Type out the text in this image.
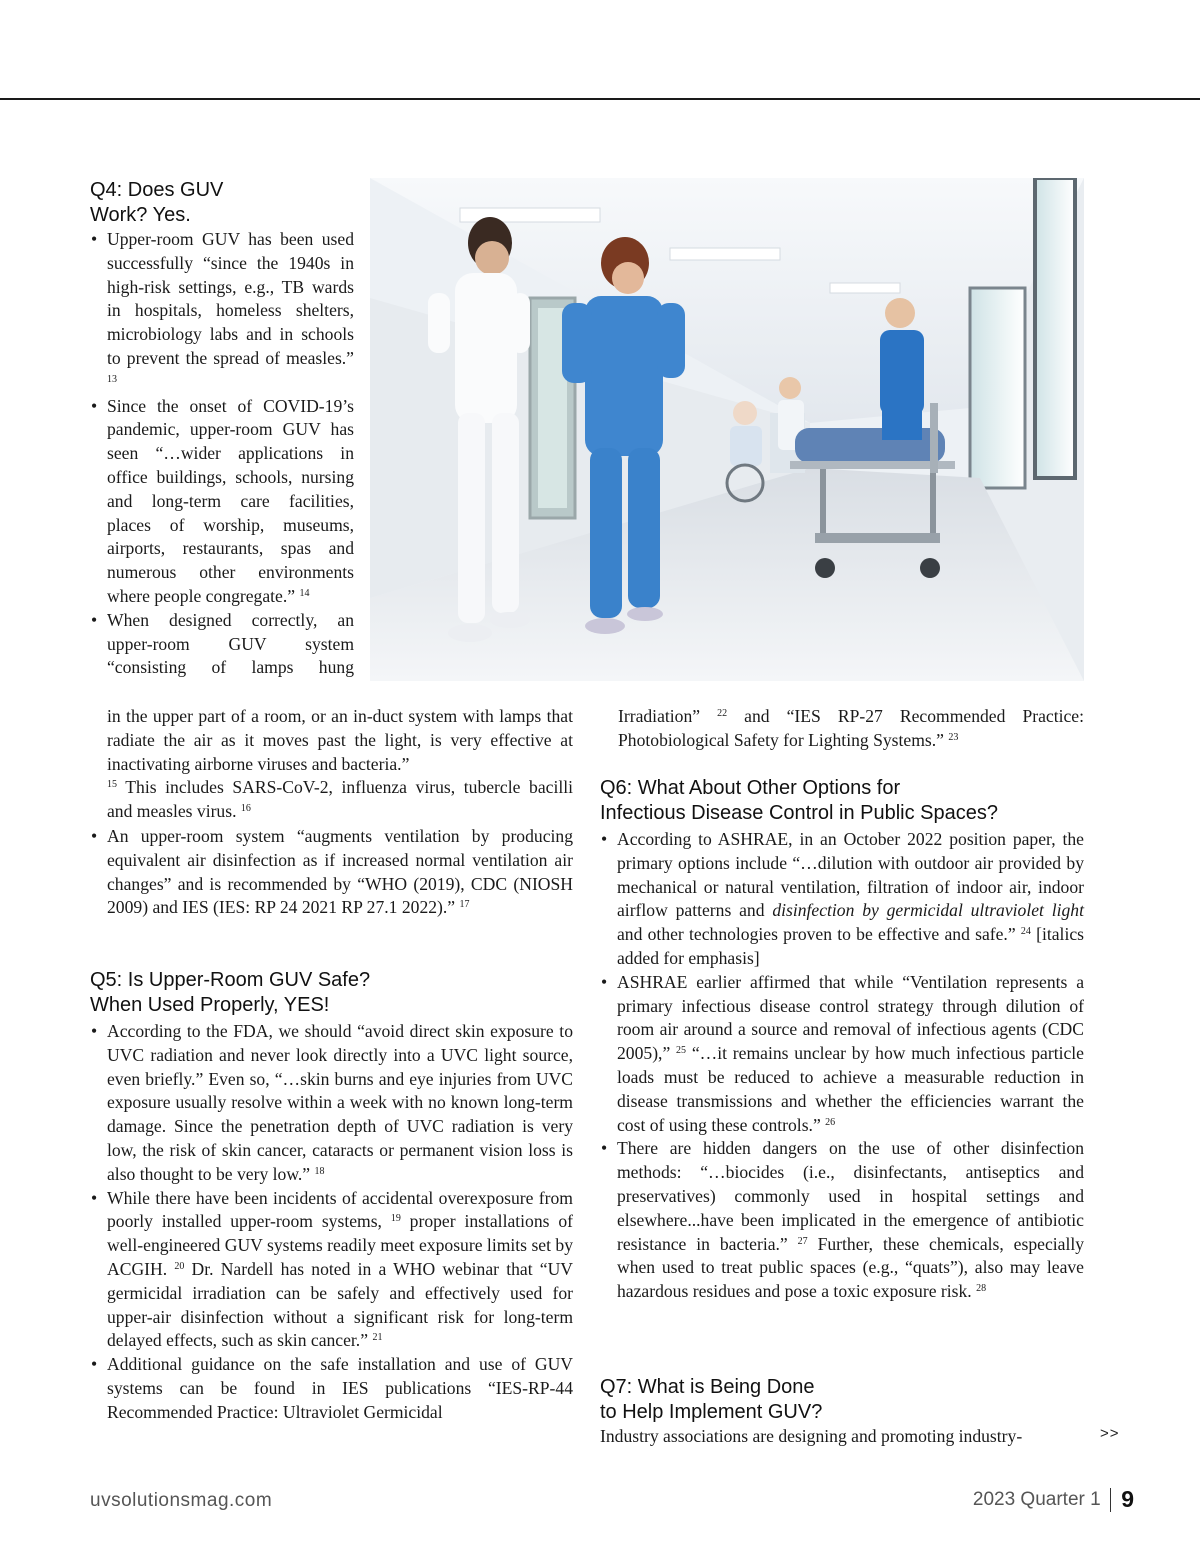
Q4: Does GUV
Work? Yes.
• Upper-room GUV has been used successfully “since the 1940s in high-risk settings, e.g., TB wards in hospitals, homeless shelters, microbiology labs and in schools to prevent the spread of measles.” $^{13}$
• Since the onset of COVID-19’s pandemic, upper-room GUV has seen “…wider applications in office buildings, schools, nursing and long-term care facilities, places of worship, museums, airports, restaurants, spas and numerous other environments where people congregate.” $^{14}$
• When designed correctly, an upper-room GUV system “consisting of lamps hung

in the upper part of a room, or an in-duct system with lamps that radiate the air as it moves past the light, is very effective at inactivating airborne viruses and bacteria.”
$^{15}$ This includes SARS-CoV-2, influenza virus, tubercle bacilli and measles virus. $^{16}$

• An upper-room system “augments ventilation by producing equivalent air disinfection as if increased normal ventilation air changes” and is recommended by “WHO (2019), CDC (NIOSH 2009) and IES (IES: RP 24 2021 RP 27.1 2022).” $^{17}$
Q5: Is Upper-Room GUV Safe?
When Used Properly, YES!
• According to the FDA, we should “avoid direct skin exposure to UVC radiation and never look directly into a UVC light source, even briefly.” Even so, “…skin burns and eye injuries from UVC exposure usually resolve within a week with no known long-term damage. Since the penetration depth of UVC radiation is very low, the risk of skin cancer, cataracts or permanent vision loss is also thought to be very low.” $^{18}$
• While there have been incidents of accidental overexposure from poorly installed upper-room systems, $^{19}$ proper installations of well-engineered GUV systems readily meet exposure limits set by ACGIH. $^{20}$ Dr. Nardell has noted in a WHO webinar that “UV germicidal irradiation can be safely and effectively used for upper-air disinfection without a significant risk for long-term delayed effects, such as skin cancer.” $^{21}$
• Additional guidance on the safe installation and use of GUV systems can be found in IES publications “IES-RP-44 Recommended Practice: Ultraviolet Germicidal

Irradiation” $^{22}$ and “IES RP-27 Recommended Practice: Photobiological Safety for Lighting Systems.” $^{23}$

Q6: What About Other Options for
Infectious Disease Control in Public Spaces?
• According to ASHRAE, in an October 2022 position paper, the primary options include “…dilution with outdoor air provided by mechanical or natural ventilation, filtration of indoor air, indoor airflow patterns and disinfection by germicidal ultraviolet light and other technologies proven to be effective and safe.” $^{24}$ [italics added for emphasis]
• ASHRAE earlier affirmed that while “Ventilation represents a primary infectious disease control strategy through dilution of room air around a source and removal of infectious agents (CDC 2005),” $^{25}$ “…it remains unclear by how much infectious particle loads must be reduced to achieve a measurable reduction in disease transmissions and whether the efficiencies warrant the cost of using these controls.” $^{26}$
• There are hidden dangers on the use of other disinfection methods: “…biocides (i.e., disinfectants, antiseptics and preservatives) commonly used in hospital settings and elsewhere...have been implicated in the emergence of antibiotic resistance in bacteria.” $^{27}$ Further, these chemicals, especially when used to treat public spaces (e.g., “quats”), also may leave hazardous residues and pose a toxic exposure risk. $^{28}$
Q7: What is Being Done
to Help Implement GUV?

Industry associations are designing and promoting industry-	>>
uvsolutionsmag.com	2023 Quarter 1 9
